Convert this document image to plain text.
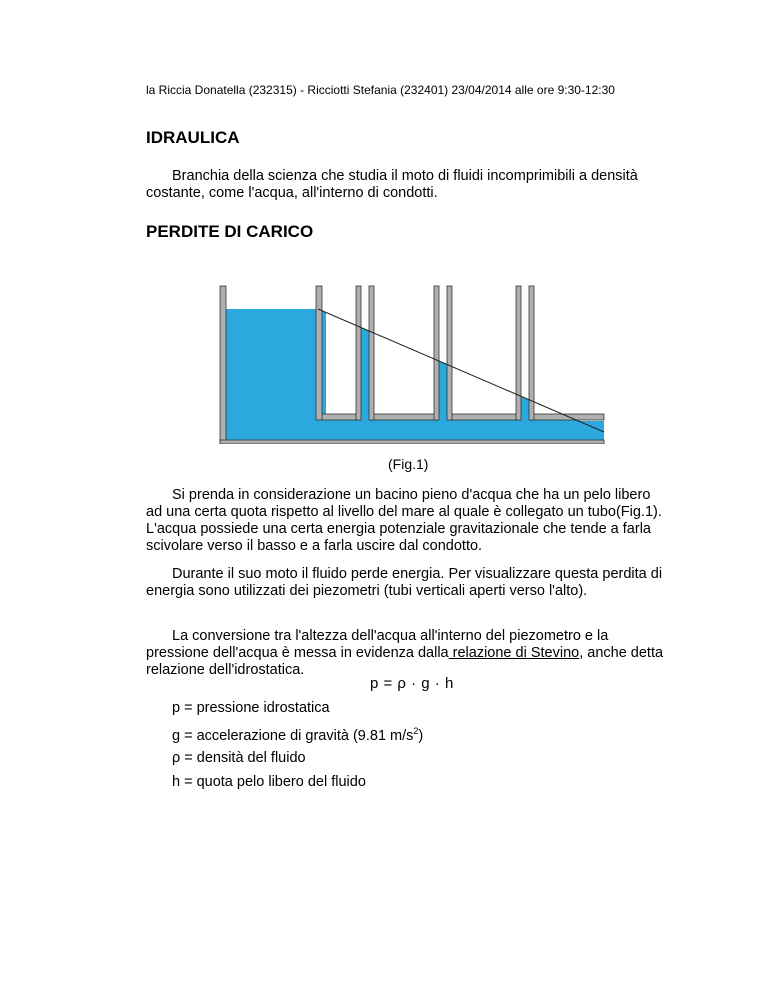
la Riccia Donatella (232315) - Ricciotti Stefania (232401) 23/04/2014 alle ore 9:30-12:30
IDRAULICA

Branchia della scienza che studia il moto di fluidi incomprimibili a densità costante, come l'acqua, all'interno di condotti.

PERDITE DI CARICO
(Fig.1)

Si prenda in considerazione un bacino pieno d'acqua che ha un pelo libero ad una certa quota rispetto al livello del mare al quale è collegato un tubo(Fig.1). L'acqua possiede una certa energia potenziale gravitazionale che tende a farla scivolare verso il basso e a farla uscire dal condotto.

Durante il suo moto il fluido perde energia. Per visualizzare questa perdita di energia sono utilizzati dei piezometri (tubi verticali aperti verso l'alto).

La conversione tra l'altezza dell'acqua all'interno del piezometro e la pressione dell'acqua è messa in evidenza dalla relazione di Stevino, anche detta relazione dell'idrostatica.

p = ρ · g · h
p = pressione idrostatica
g = accelerazione di gravità (9.81 $m/s^2$)
ρ = densità del fluido
h = quota pelo libero del fluido
